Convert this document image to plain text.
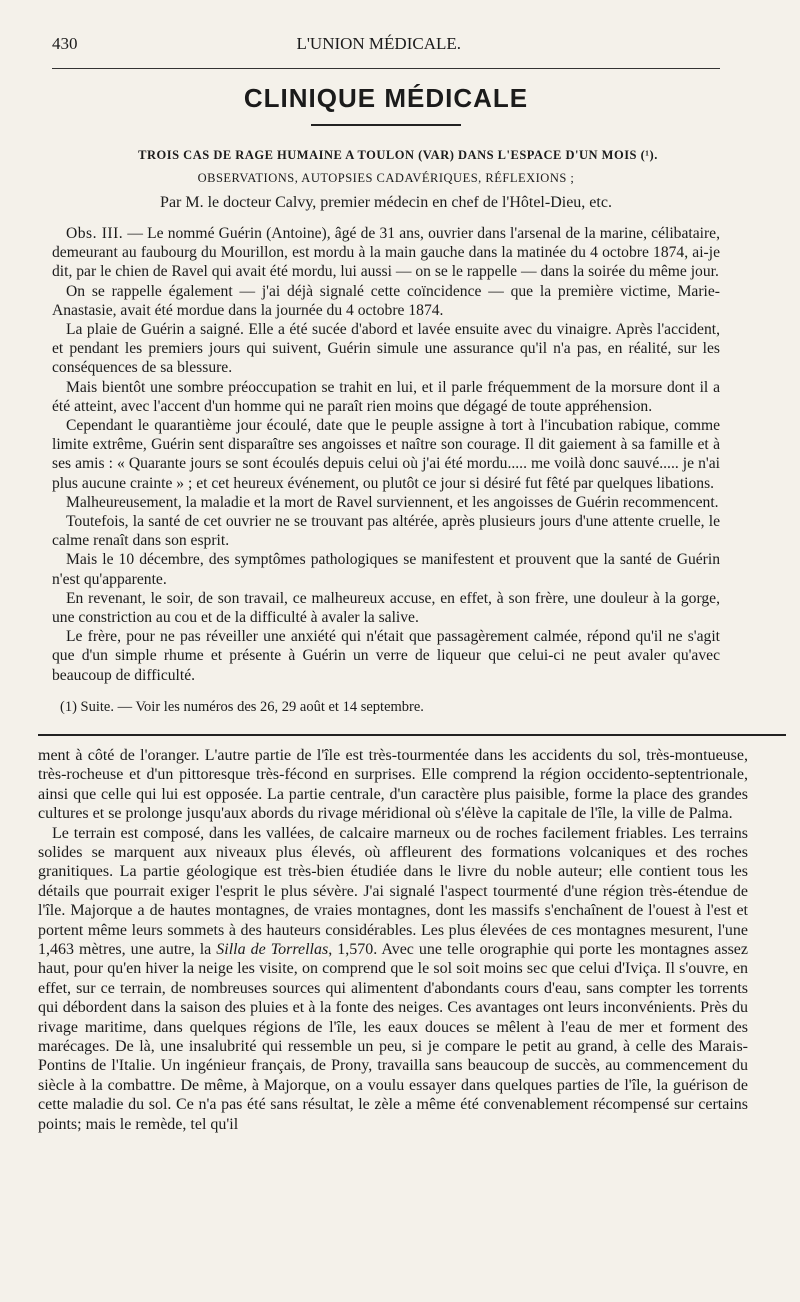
430	L'UNION MÉDICALE.
CLINIQUE MÉDICALE
TROIS CAS DE RAGE HUMAINE A TOULON (VAR) DANS L'ESPACE D'UN MOIS (¹).
OBSERVATIONS, AUTOPSIES CADAVÉRIQUES, RÉFLEXIONS ;
Par M. le docteur Calvy, premier médecin en chef de l'Hôtel-Dieu, etc.

Obs. III. — Le nommé Guérin (Antoine), âgé de 31 ans, ouvrier dans l'arsenal de la marine, célibataire, demeurant au faubourg du Mourillon, est mordu à la main gauche dans la matinée du 4 octobre 1874, ai-je dit, par le chien de Ravel qui avait été mordu, lui aussi — on se le rappelle — dans la soirée du même jour.

On se rappelle également — j'ai déjà signalé cette coïncidence — que la première victime, Marie-Anastasie, avait été mordue dans la journée du 4 octobre 1874.

La plaie de Guérin a saigné. Elle a été sucée d'abord et lavée ensuite avec du vinaigre. Après l'accident, et pendant les premiers jours qui suivent, Guérin simule une assurance qu'il n'a pas, en réalité, sur les conséquences de sa blessure.

Mais bientôt une sombre préoccupation se trahit en lui, et il parle fréquemment de la morsure dont il a été atteint, avec l'accent d'un homme qui ne paraît rien moins que dégagé de toute appréhension.

Cependant le quarantième jour écoulé, date que le peuple assigne à tort à l'incubation rabique, comme limite extrême, Guérin sent disparaître ses angoisses et naître son courage. Il dit gaiement à sa famille et à ses amis : « Quarante jours se sont écoulés depuis celui où j'ai été mordu..... me voilà donc sauvé..... je n'ai plus aucune crainte » ; et cet heureux événement, ou plutôt ce jour si désiré fut fêté par quelques libations.

Malheureusement, la maladie et la mort de Ravel surviennent, et les angoisses de Guérin recommencent.

Toutefois, la santé de cet ouvrier ne se trouvant pas altérée, après plusieurs jours d'une attente cruelle, le calme renaît dans son esprit.

Mais le 10 décembre, des symptômes pathologiques se manifestent et prouvent que la santé de Guérin n'est qu'apparente.

En revenant, le soir, de son travail, ce malheureux accuse, en effet, à son frère, une douleur à la gorge, une constriction au cou et de la difficulté à avaler la salive.

Le frère, pour ne pas réveiller une anxiété qui n'était que passagèrement calmée, répond qu'il ne s'agit que d'un simple rhume et présente à Guérin un verre de liqueur que celui-ci ne peut avaler qu'avec beaucoup de difficulté.

(1) Suite. — Voir les numéros des 26, 29 août et 14 septembre.

ment à côté de l'oranger. L'autre partie de l'île est très-tourmentée dans les accidents du sol, très-montueuse, très-rocheuse et d'un pittoresque très-fécond en surprises. Elle comprend la région occidento-septentrionale, ainsi que celle qui lui est opposée. La partie centrale, d'un caractère plus paisible, forme la place des grandes cultures et se prolonge jusqu'aux abords du rivage méridional où s'élève la capitale de l'île, la ville de Palma.

Le terrain est composé, dans les vallées, de calcaire marneux ou de roches facilement friables. Les terrains solides se marquent aux niveaux plus élevés, où affleurent des formations volcaniques et des roches granitiques. La partie géologique est très-bien étudiée dans le livre du noble auteur; elle contient tous les détails que pourrait exiger l'esprit le plus sévère. J'ai signalé l'aspect tourmenté d'une région très-étendue de l'île. Majorque a de hautes montagnes, de vraies montagnes, dont les massifs s'enchaînent de l'ouest à l'est et portent même leurs sommets à des hauteurs considérables. Les plus élevées de ces montagnes mesurent, l'une 1,463 mètres, une autre, la Silla de Torrellas, 1,570. Avec une telle orographie qui porte les montagnes assez haut, pour qu'en hiver la neige les visite, on comprend que le sol soit moins sec que celui d'Iviça. Il s'ouvre, en effet, sur ce terrain, de nombreuses sources qui alimentent d'abondants cours d'eau, sans compter les torrents qui débordent dans la saison des pluies et à la fonte des neiges. Ces avantages ont leurs inconvénients. Près du rivage maritime, dans quelques régions de l'île, les eaux douces se mêlent à l'eau de mer et forment des marécages. De là, une insalubrité qui ressemble un peu, si je compare le petit au grand, à celle des Marais-Pontins de l'Italie. Un ingénieur français, de Prony, travailla sans beaucoup de succès, au commencement du siècle à la combattre. De même, à Majorque, on a voulu essayer dans quelques parties de l'île, la guérison de cette maladie du sol. Ce n'a pas été sans résultat, le zèle a même été convenablement récompensé sur certains points; mais le remède, tel qu'il
